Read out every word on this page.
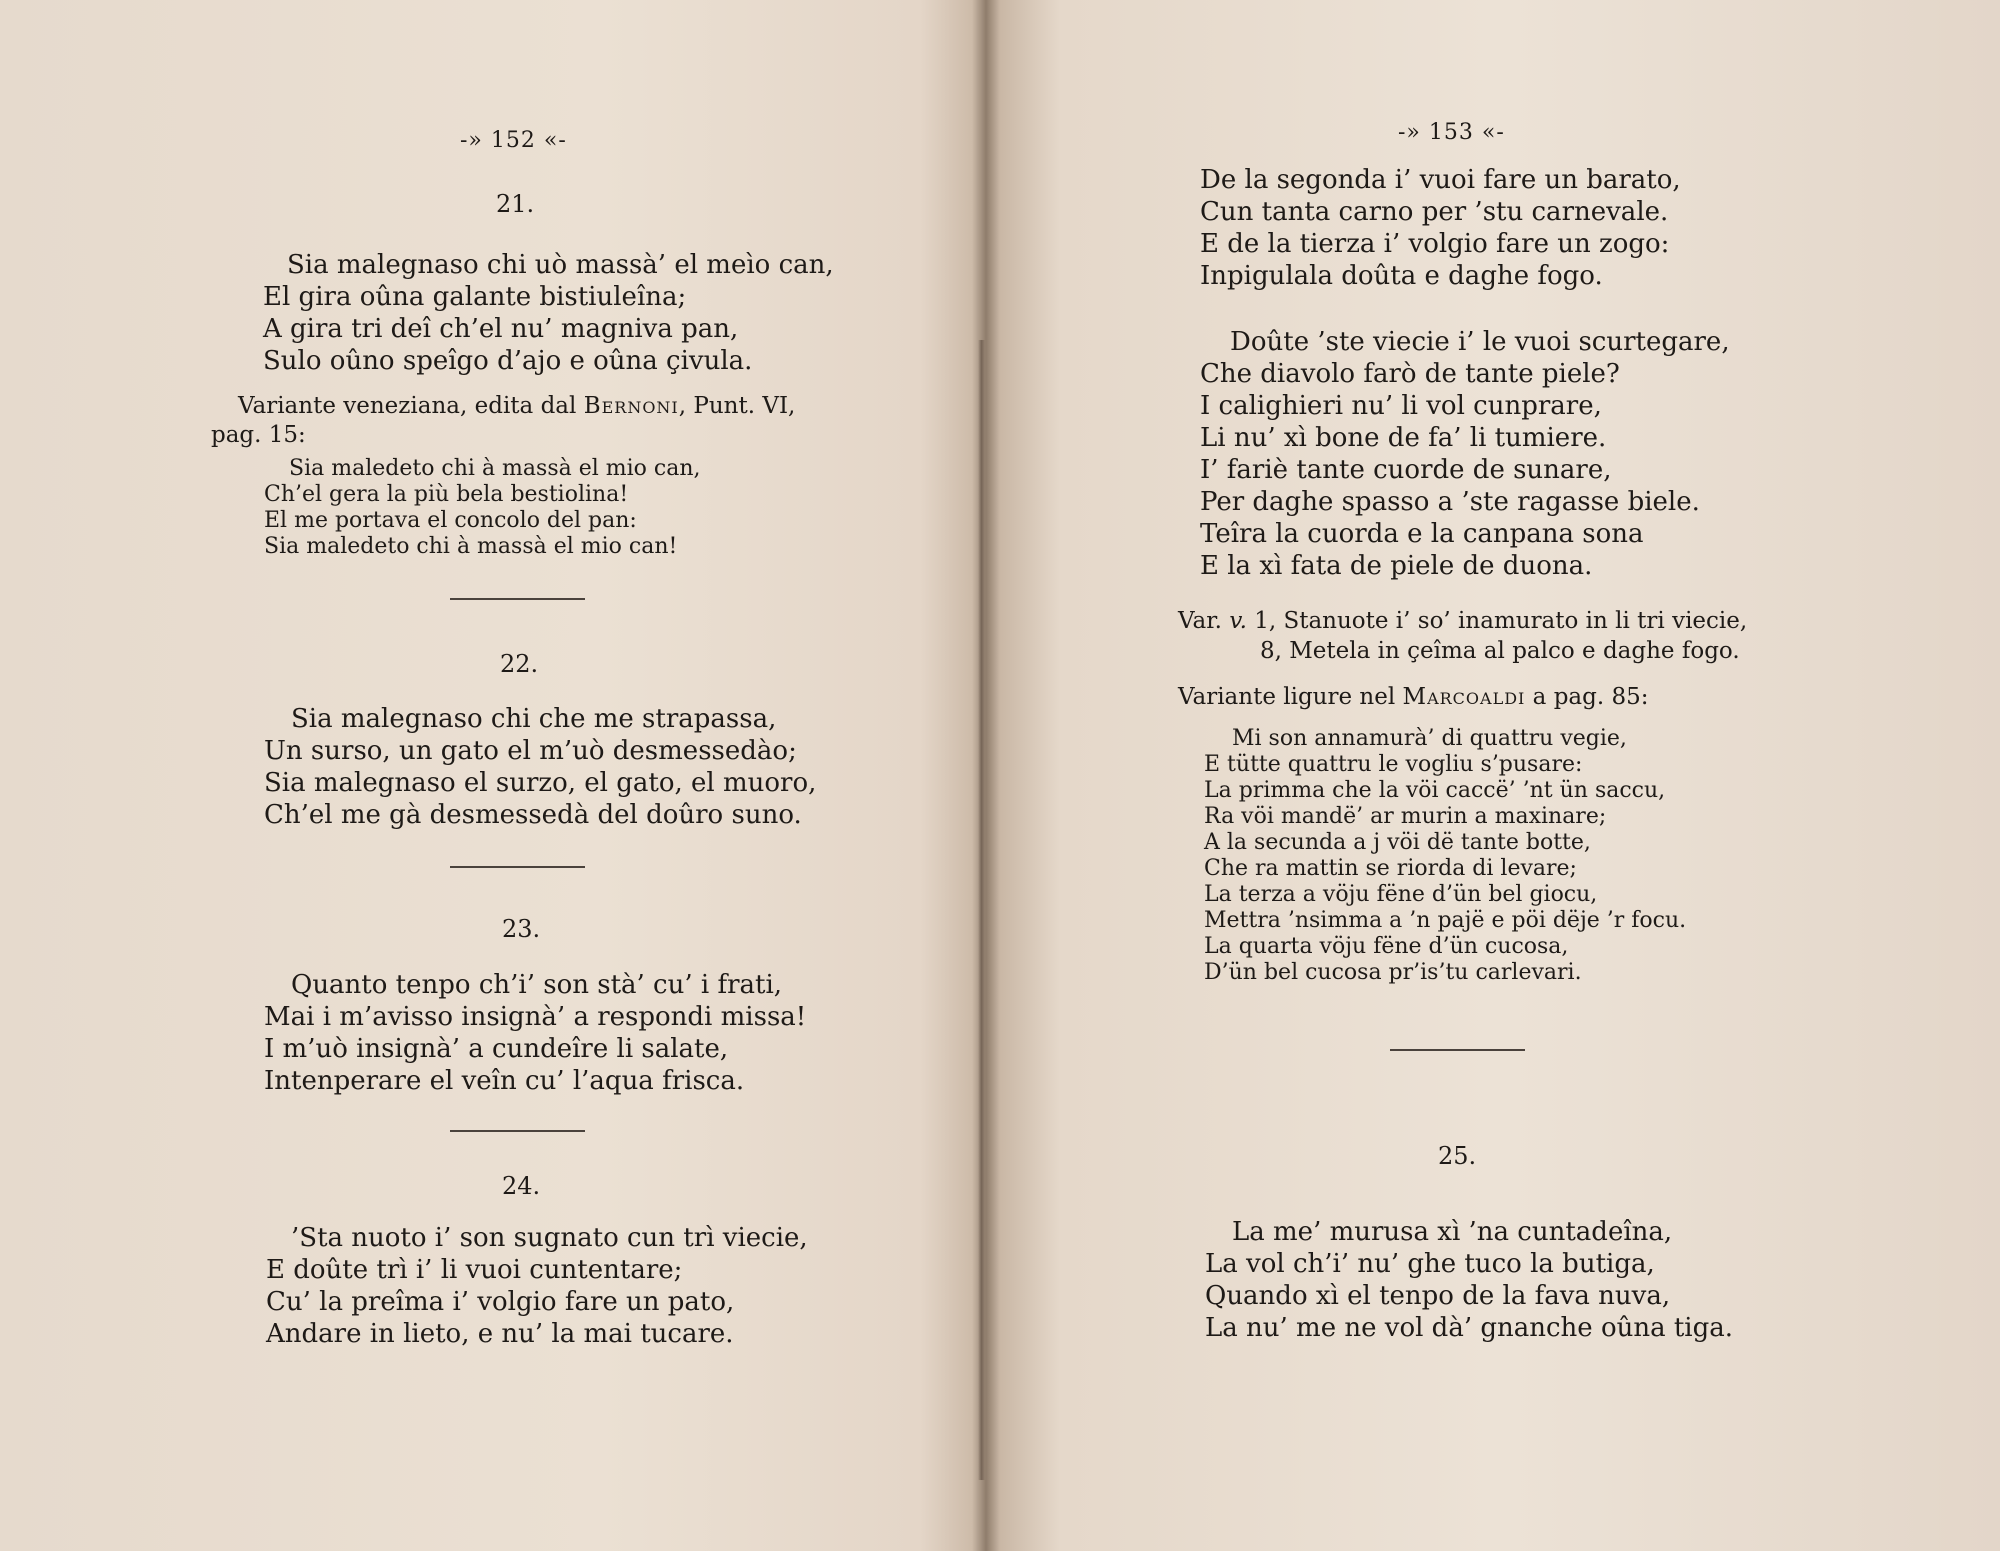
-» 152 «-
21.
Sia malegnaso chi uò massà’ el meìo can,
El gira oûna galante bistiuleîna;
A gira tri deî ch’el nu’ magniva pan,
Sulo oûno speîgo d’ajo e oûna çivula.
Variante veneziana, edita dal Bernoni, Punt. VI,
pag. 15:
Sia maledeto chi à massà el mio can,
Ch’el gera la più bela bestiolina!
El me portava el concolo del pan:
Sia maledeto chi à massà el mio can!
22.
Sia malegnaso chi che me strapassa,
Un surso, un gato el m’uò desmessedào;
Sia malegnaso el surzo, el gato, el muoro,
Ch’el me gà desmessedà del doûro suno.
23.
Quanto tenpo ch’i’ son stà’ cu’ i frati,
Mai i m’avisso insignà’ a respondi missa!
I m’uò insignà’ a cundeîre li salate,
Intenperare el veîn cu’ l’aqua frisca.
24.
’Sta nuoto i’ son sugnato cun trì viecie,
E doûte trì i’ li vuoi cuntentare;
Cu’ la preîma i’ volgio fare un pato,
Andare in lieto, e nu’ la mai tucare.
-» 153 «-
De la segonda i’ vuoi fare un barato,
Cun tanta carno per ’stu carnevale.
E de la tierza i’ volgio fare un zogo:
Inpigulala doûta e daghe fogo.
Doûte ’ste viecie i’ le vuoi scurtegare,
Che diavolo farò de tante piele?
I calighieri nu’ li vol cunprare,
Li nu’ xì bone de fa’ li tumiere.
I’ fariè tante cuorde de sunare,
Per daghe spasso a ’ste ragasse biele.
Teîra la cuorda e la canpana sona
E la xì fata de piele de duona.
Var. v. 1, Stanuote i’ so’ inamurato in li tri viecie,
8, Metela in çeîma al palco e daghe fogo.
Variante ligure nel Marcoaldi a pag. 85:
Mi son annamurà’ di quattru vegie,
E tütte quattru le vogliu s’pusare:
La primma che la vöi caccë’ ’nt ün saccu,
Ra vöi mandë’ ar murin a maxinare;
A la secunda a j vöi dë tante botte,
Che ra mattin se riorda di levare;
La terza a vöju fëne d’ün bel giocu,
Mettra ’nsimma a ’n pajë e pöi dëje ’r focu.
La quarta vöju fëne d’ün cucosa,
D’ün bel cucosa pr’is’tu carlevari.
25.
La me’ murusa xì ’na cuntadeîna,
La vol ch’i’ nu’ ghe tuco la butiga,
Quando xì el tenpo de la fava nuva,
La nu’ me ne vol dà’ gnanche oûna tiga.
